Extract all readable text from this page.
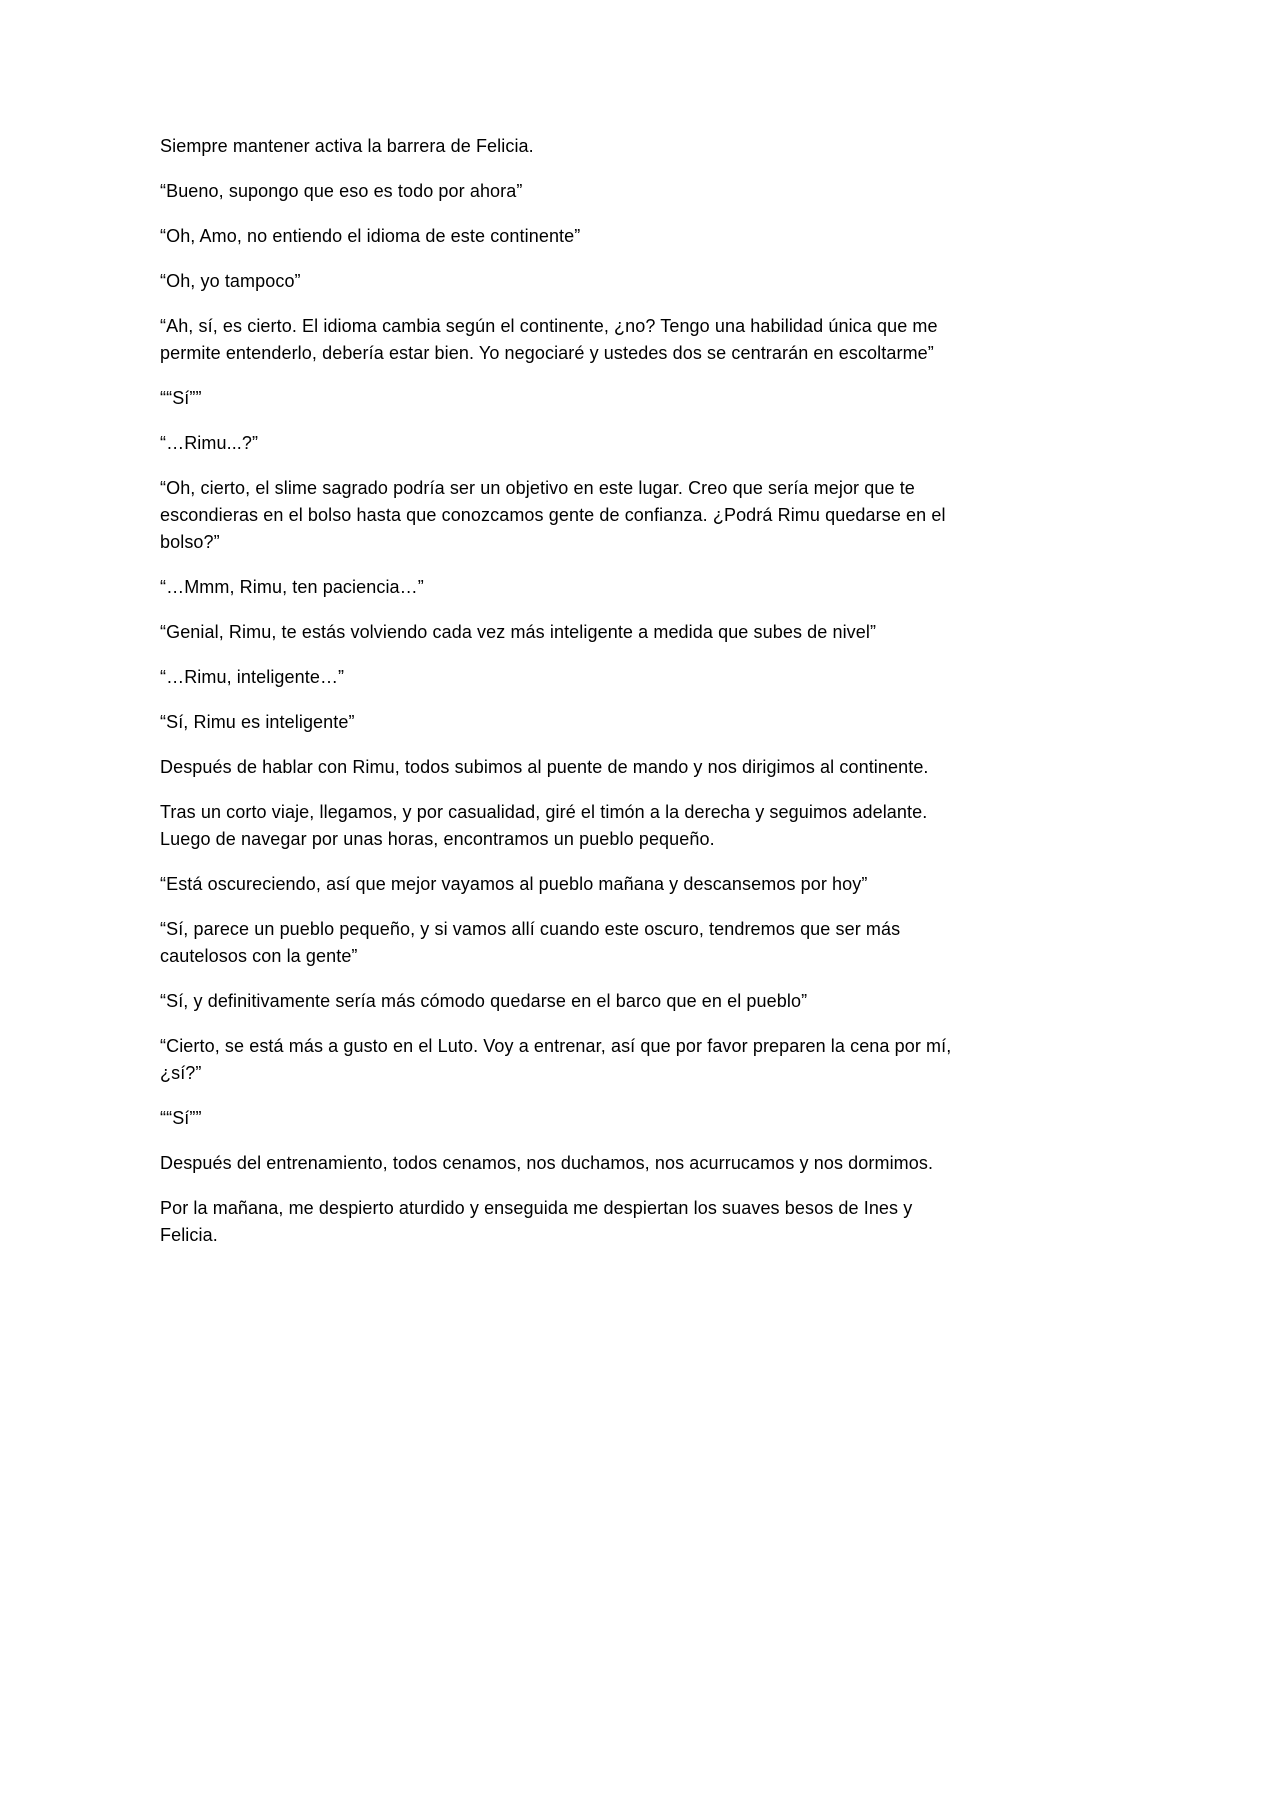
Siempre mantener activa la barrera de Felicia.

“Bueno, supongo que eso es todo por ahora”

“Oh, Amo, no entiendo el idioma de este continente”

“Oh, yo tampoco”

“Ah, sí, es cierto. El idioma cambia según el continente, ¿no? Tengo una habilidad única que me permite entenderlo, debería estar bien. Yo negociaré y ustedes dos se centrarán en escoltarme”

““Sí””

“…Rimu...?”

“Oh, cierto, el slime sagrado podría ser un objetivo en este lugar. Creo que sería mejor que te escondieras en el bolso hasta que conozcamos gente de confianza. ¿Podrá Rimu quedarse en el bolso?”

“…Mmm, Rimu, ten paciencia…”

“Genial, Rimu, te estás volviendo cada vez más inteligente a medida que subes de nivel”

“…Rimu, inteligente…”

“Sí, Rimu es inteligente”

Después de hablar con Rimu, todos subimos al puente de mando y nos dirigimos al continente.

Tras un corto viaje, llegamos, y por casualidad, giré el timón a la derecha y seguimos adelante. Luego de navegar por unas horas, encontramos un pueblo pequeño.

“Está oscureciendo, así que mejor vayamos al pueblo mañana y descansemos por hoy”

“Sí, parece un pueblo pequeño, y si vamos allí cuando este oscuro, tendremos que ser más cautelosos con la gente”

“Sí, y definitivamente sería más cómodo quedarse en el barco que en el pueblo”

“Cierto, se está más a gusto en el Luto. Voy a entrenar, así que por favor preparen la cena por mí, ¿sí?”

““Sí””

Después del entrenamiento, todos cenamos, nos duchamos, nos acurrucamos y nos dormimos.

Por la mañana, me despierto aturdido y enseguida me despiertan los suaves besos de Ines y Felicia.
